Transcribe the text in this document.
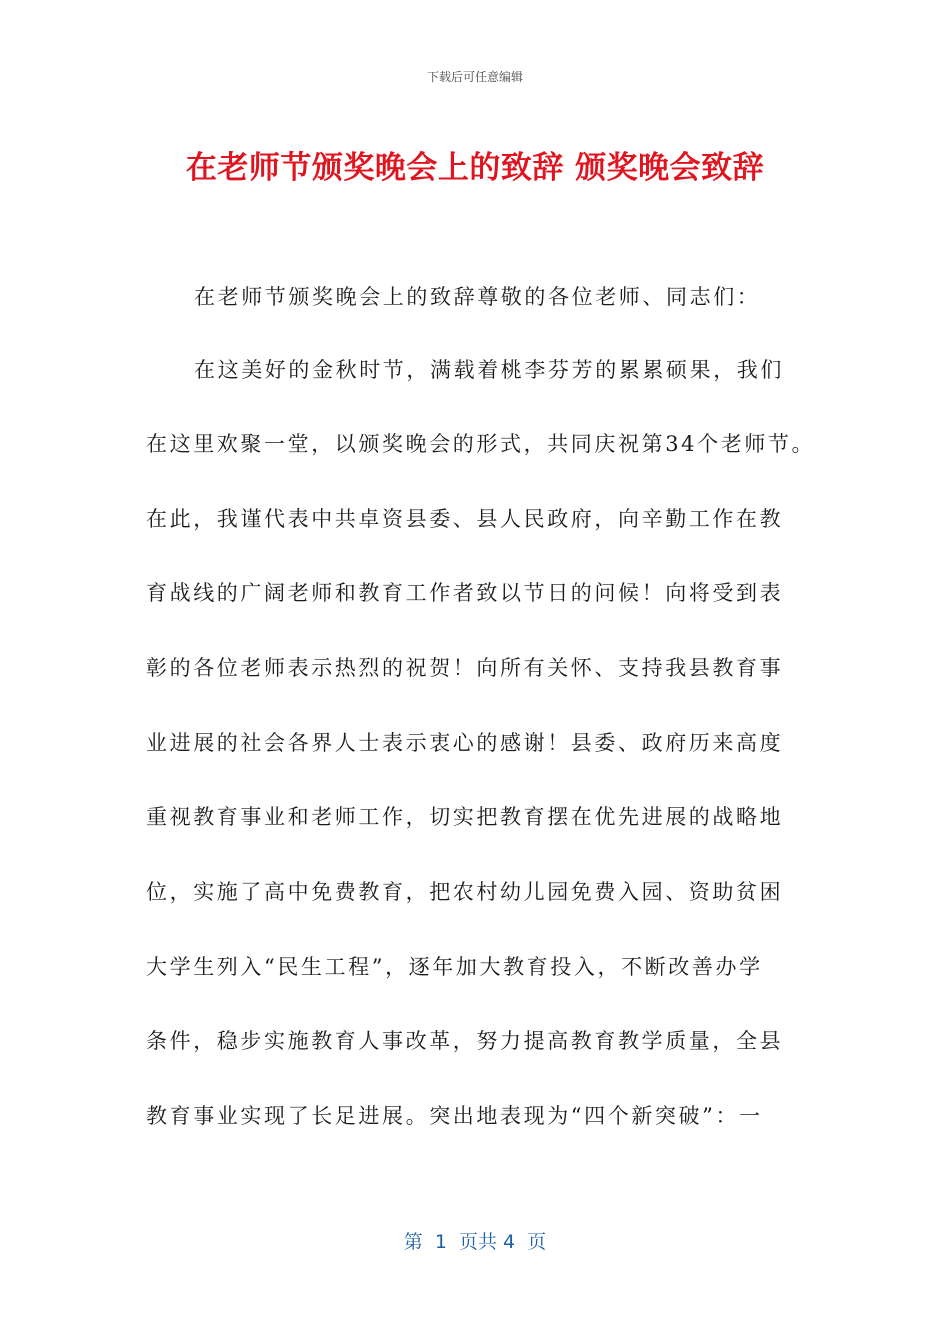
下载后可任意编辑
在老师节颁奖晚会上的致辞 颁奖晚会致辞
在老师节颁奖晚会上的致辞尊敬的各位老师、同志们：
在这美好的金秋时节，满载着桃李芬芳的累累硕果，我们
在这里欢聚一堂，以颁奖晚会的形式，共同庆祝第34个老师节。
在此，我谨代表中共卓资县委、县人民政府，向辛勤工作在教
育战线的广阔老师和教育工作者致以节日的问候！向将受到表
彰的各位老师表示热烈的祝贺！向所有关怀、支持我县教育事
业进展的社会各界人士表示衷心的感谢！县委、政府历来高度
重视教育事业和老师工作，切实把教育摆在优先进展的战略地
位，实施了高中免费教育，把农村幼儿园免费入园、资助贫困
大学生列入“民生工程”，逐年加大教育投入，不断改善办学
条件，稳步实施教育人事改革，努力提高教育教学质量，全县
教育事业实现了长足进展。突出地表现为“四个新突破”：一
第  1  页共 4  页
